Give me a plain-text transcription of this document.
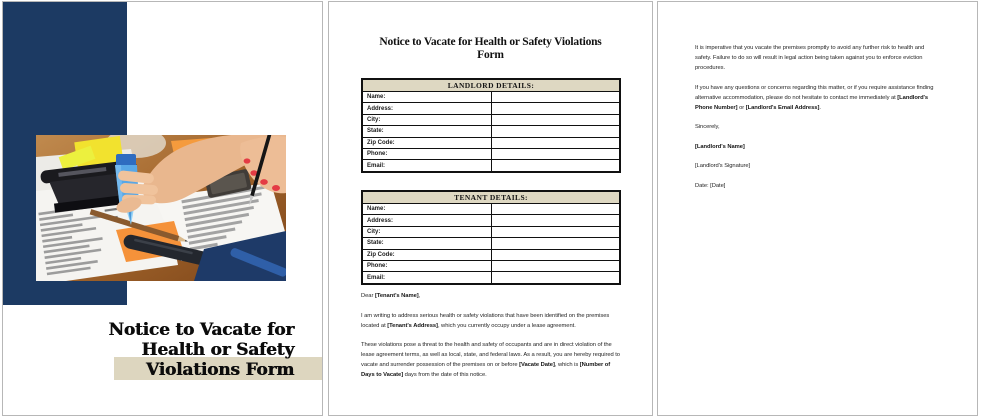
Notice to Vacate for
Health or Safety
Violations Form
Notice to Vacate for Health or Safety Violations
Form
LANDLORD DETAILS:	
Name:	
Address:	
City:	
State:	
Zip Code:	
Phone:	
Email:	
TENANT DETAILS:	
Name:	
Address:	
City:	
State:	
Zip Code:	
Phone:	
Email:	

Dear [Tenant's Name],

I am writing to address serious health or safety violations that have been identified on the premises located at [Tenant's Address], which you currently occupy under a lease agreement.

These violations pose a threat to the health and safety of occupants and are in direct violation of the lease agreement terms, as well as local, state, and federal laws. As a result, you are hereby required to vacate and surrender possession of the premises on or before [Vacate Date], which is [Number of Days to Vacate] days from the date of this notice.

It is imperative that you vacate the premises promptly to avoid any further risk to health and safety. Failure to do so will result in legal action being taken against you to enforce eviction procedures.

If you have any questions or concerns regarding this matter, or if you require assistance finding alternative accommodation, please do not hesitate to contact me immediately at [Landlord's Phone Number] or [Landlord's Email Address].

Sincerely,

[Landlord's Name]

[Landlord's Signature]

Date: [Date]
